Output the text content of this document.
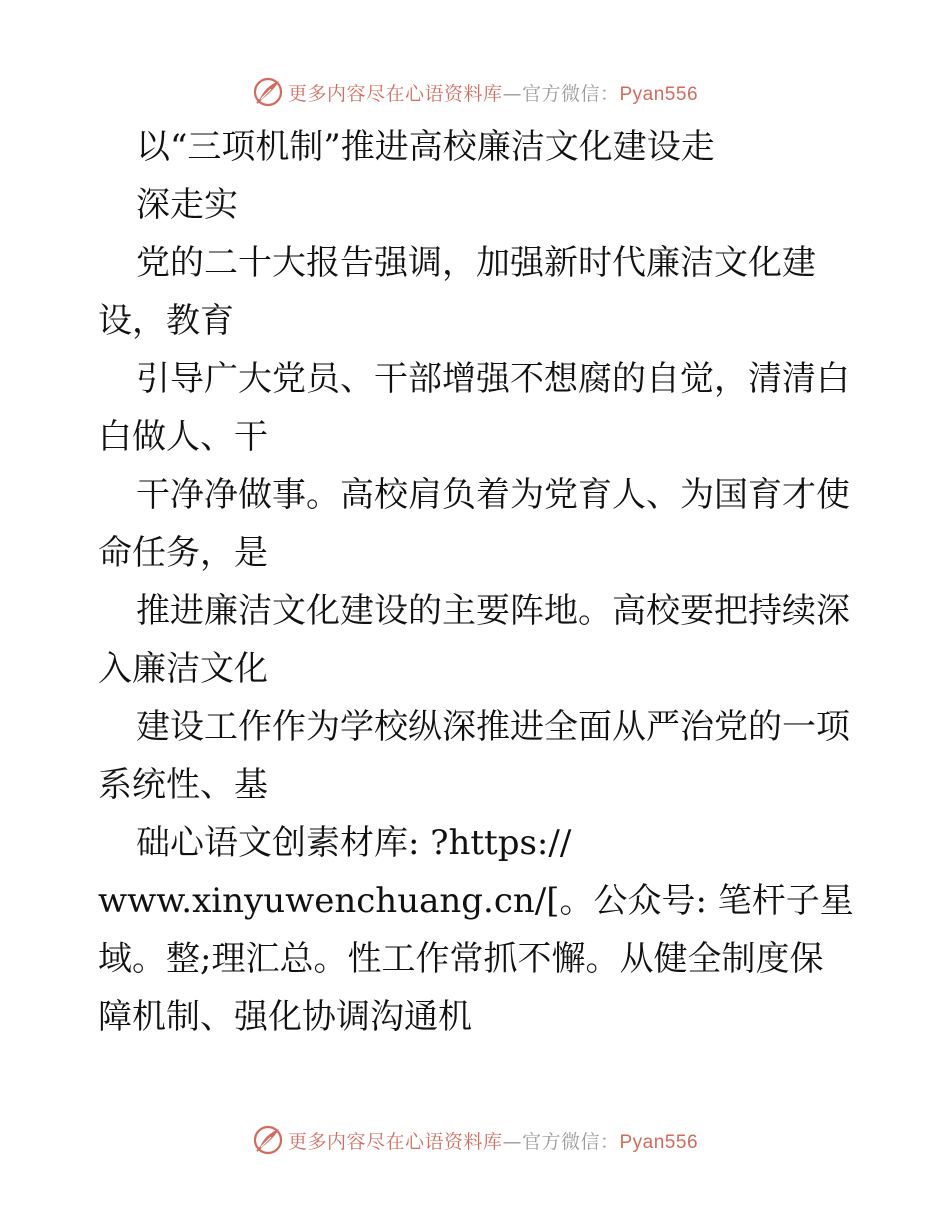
更多内容尽在心语资料库—官方微信：Pyan556
以“三项机制”推进高校廉洁文化建设走
深走实
党的二十大报告强调，加强新时代廉洁文化建
设，教育
引导广大党员、干部增强不想腐的自觉，清清白
白做人、干
干净净做事。高校肩负着为党育人、为国育才使
命任务，是
推进廉洁文化建设的主要阵地。高校要把持续深
入廉洁文化
建设工作作为学校纵深推进全面从严治党的一项
系统性、基
础心语文创素材库: ?https://
www.xinyuwenchuang.cn/[。公众号: 笔杆子星
域。整;理汇总。性工作常抓不懈。从健全制度保
障机制、强化协调沟通机
更多内容尽在心语资料库—官方微信：Pyan556
